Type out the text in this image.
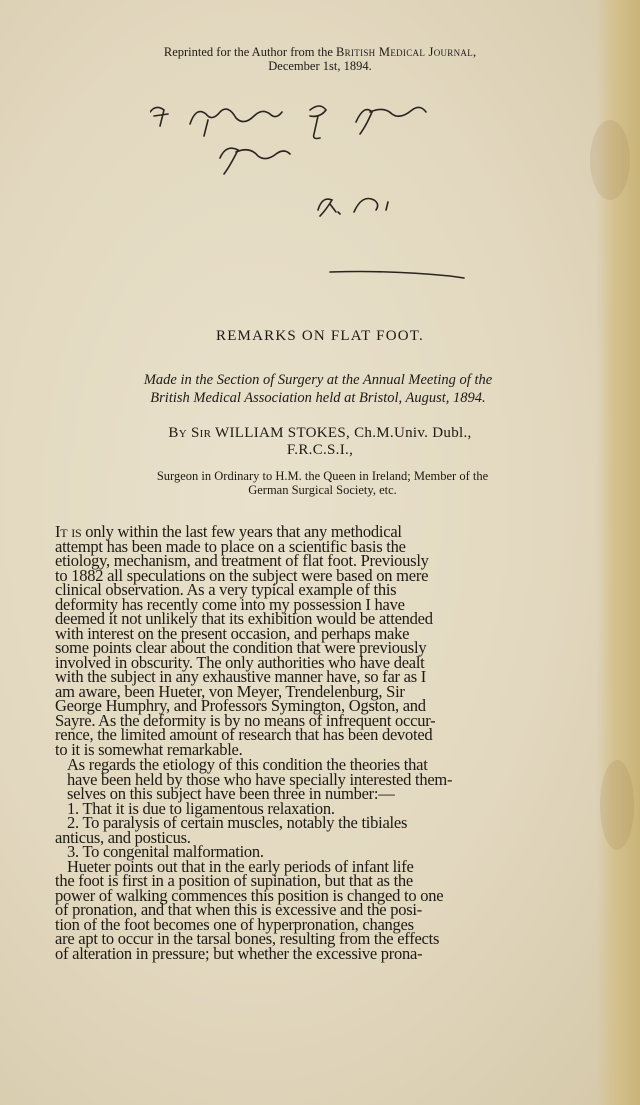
Reprinted for the Author from the British Medical Journal,
December 1st, 1894.
REMARKS ON FLAT FOOT.
Made in the Section of Surgery at the Annual Meeting of the
British Medical Association held at Bristol, August, 1894.
By Sir WILLIAM STOKES, Ch.M.Univ. Dubl.,
F.R.C.S.I.,
Surgeon in Ordinary to H.M. the Queen in Ireland; Member of the
German Surgical Society, etc.

It is only within the last few years that any methodical
attempt has been made to place on a scientific basis the
etiology, mechanism, and treatment of flat foot. Previously
to 1882 all speculations on the subject were based on mere
clinical observation. As a very typical example of this
deformity has recently come into my possession I have
deemed it not unlikely that its exhibition would be attended
with interest on the present occasion, and perhaps make
some points clear about the condition that were previously
involved in obscurity. The only authorities who have dealt
with the subject in any exhaustive manner have, so far as I
am aware, been Hueter, von Meyer, Trendelenburg, Sir
George Humphry, and Professors Symington, Ogston, and
Sayre. As the deformity is by no means of infrequent occur-
rence, the limited amount of research that has been devoted
to it is somewhat remarkable.

As regards the etiology of this condition the theories that
have been held by those who have specially interested them-
selves on this subject have been three in number:—

1. That it is due to ligamentous relaxation.

2. To paralysis of certain muscles, notably the tibiales
anticus, and posticus.

3. To congenital malformation.

Hueter points out that in the early periods of infant life
the foot is first in a position of supination, but that as the
power of walking commences this position is changed to one
of pronation, and that when this is excessive and the posi-
tion of the foot becomes one of hyperpronation, changes
are apt to occur in the tarsal bones, resulting from the effects
of alteration in pressure; but whether the excessive prona-
